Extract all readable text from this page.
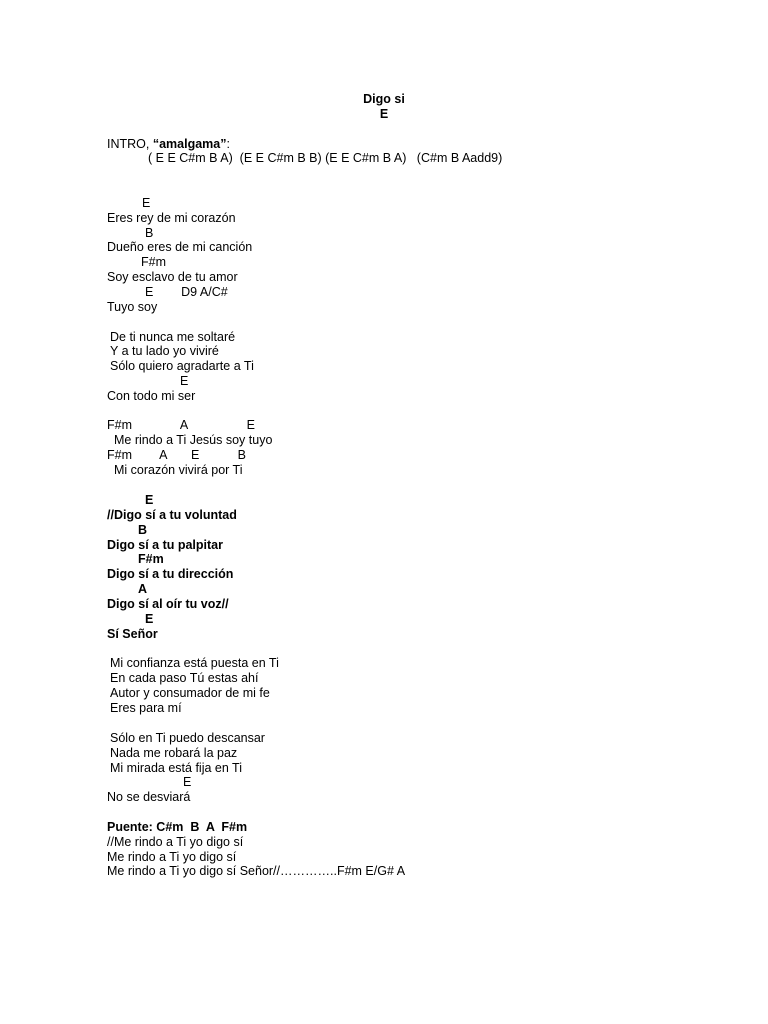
Digo si
E
INTRO, “amalgama”:
( E E C#m B A)  (E E C#m B B) (E E C#m B A)   (C#m B Aadd9)
E
Eres rey de mi corazón
B
Dueño eres de mi canción
F#m
Soy esclavo de tu amor
E        D9 A/C#
Tuyo soy
De ti nunca me soltaré
Y a tu lado yo viviré
Sólo quiero agradarte a Ti
E
Con todo mi ser
F#m              A                 E
Me rindo a Ti Jesús soy tuyo
F#m        A       E           B
Mi corazón vivirá por Ti
E
//Digo sí a tu voluntad
B
Digo sí a tu palpitar
F#m
Digo sí a tu dirección
A
Digo sí al oír tu voz//
E
Sí Señor
Mi confianza está puesta en Ti
En cada paso Tú estas ahí
Autor y consumador de mi fe
Eres para mí
Sólo en Ti puedo descansar
Nada me robará la paz
Mi mirada está fija en Ti
E
No se desviará
Puente: C#m  B  A  F#m
//Me rindo a Ti yo digo sí
Me rindo a Ti yo digo sí
Me rindo a Ti yo digo sí Señor//…………..F#m E/G# A
